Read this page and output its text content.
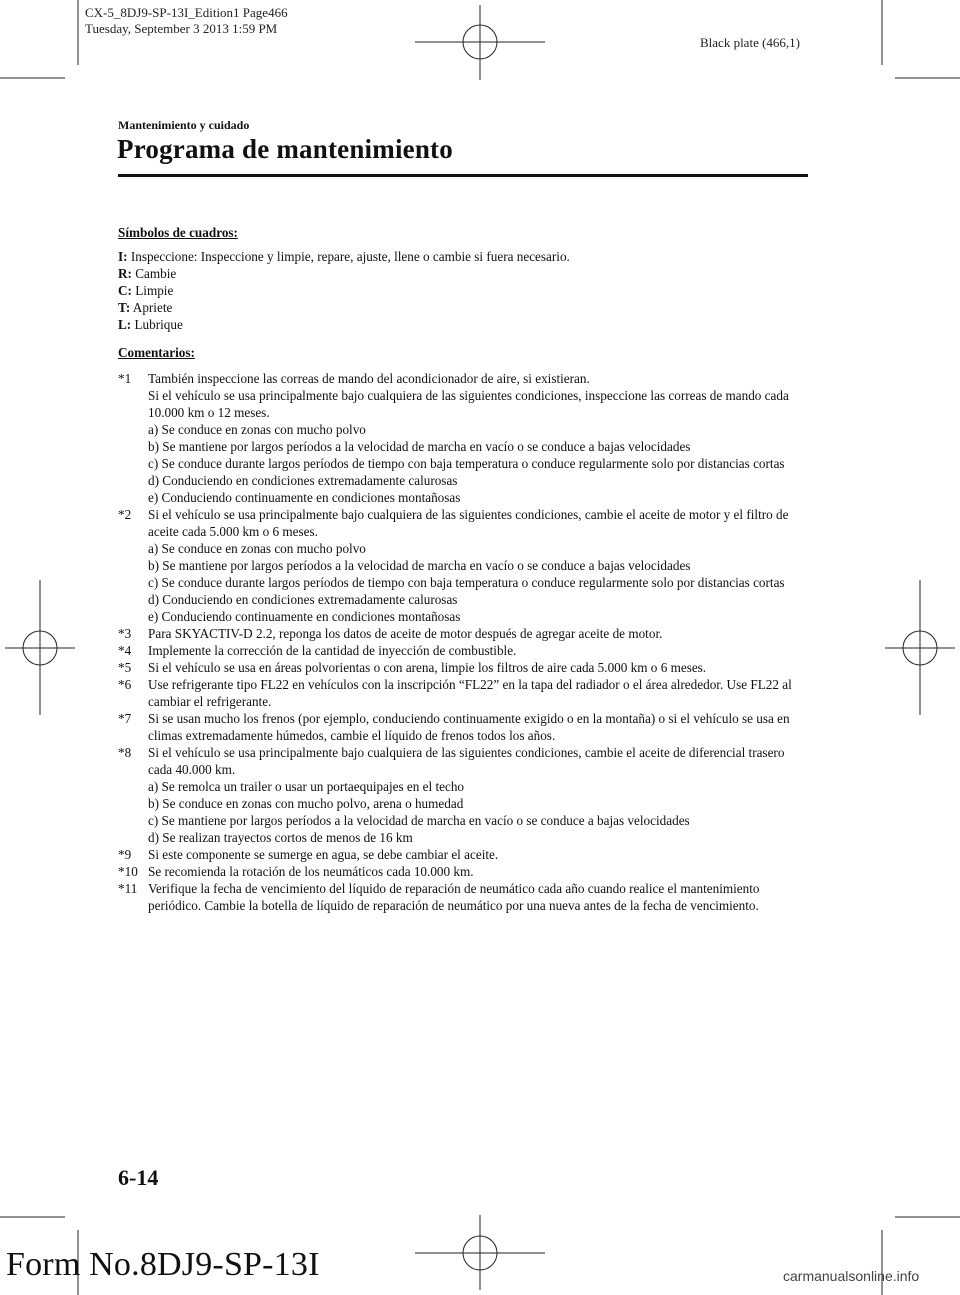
CX-5_8DJ9-SP-13I_Edition1 Page466
Tuesday, September 3 2013 1:59 PM
Black plate (466,1)
Mantenimiento y cuidado
Programa de mantenimiento
Símbolos de cuadros:
I: Inspeccione: Inspeccione y limpie, repare, ajuste, llene o cambie si fuera necesario.
R: Cambie
C: Limpie
T: Apriete
L: Lubrique
Comentarios:
*1 También inspeccione las correas de mando del acondicionador de aire, si existieran.
Si el vehículo se usa principalmente bajo cualquiera de las siguientes condiciones, inspeccione las correas de mando cada 10.000 km o 12 meses.
a) Se conduce en zonas con mucho polvo
b) Se mantiene por largos períodos a la velocidad de marcha en vacío o se conduce a bajas velocidades
c) Se conduce durante largos períodos de tiempo con baja temperatura o conduce regularmente solo por distancias cortas
d) Conduciendo en condiciones extremadamente calurosas
e) Conduciendo continuamente en condiciones montañosas
*2 Si el vehículo se usa principalmente bajo cualquiera de las siguientes condiciones, cambie el aceite de motor y el filtro de aceite cada 5.000 km o 6 meses.
a) Se conduce en zonas con mucho polvo
b) Se mantiene por largos períodos a la velocidad de marcha en vacío o se conduce a bajas velocidades
c) Se conduce durante largos períodos de tiempo con baja temperatura o conduce regularmente solo por distancias cortas
d) Conduciendo en condiciones extremadamente calurosas
e) Conduciendo continuamente en condiciones montañosas
*3 Para SKYACTIV-D 2.2, reponga los datos de aceite de motor después de agregar aceite de motor.
*4 Implemente la corrección de la cantidad de inyección de combustible.
*5 Si el vehículo se usa en áreas polvorientas o con arena, limpie los filtros de aire cada 5.000 km o 6 meses.
*6 Use refrigerante tipo FL22 en vehículos con la inscripción “FL22” en la tapa del radiador o el área alrededor. Use FL22 al cambiar el refrigerante.
*7 Si se usan mucho los frenos (por ejemplo, conduciendo continuamente exigido o en la montaña) o si el vehículo se usa en climas extremadamente húmedos, cambie el líquido de frenos todos los años.
*8 Si el vehículo se usa principalmente bajo cualquiera de las siguientes condiciones, cambie el aceite de diferencial trasero cada 40.000 km.
a) Se remolca un trailer o usar un portaequipajes en el techo
b) Se conduce en zonas con mucho polvo, arena o humedad
c) Se mantiene por largos períodos a la velocidad de marcha en vacío o se conduce a bajas velocidades
d) Se realizan trayectos cortos de menos de 16 km
*9 Si este componente se sumerge en agua, se debe cambiar el aceite.
*10 Se recomienda la rotación de los neumáticos cada 10.000 km.
*11 Verifique la fecha de vencimiento del líquido de reparación de neumático cada año cuando realice el mantenimiento periódico. Cambie la botella de líquido de reparación de neumático por una nueva antes de la fecha de vencimiento.
6-14
Form No.8DJ9-SP-13I	carmanualsonline.info
